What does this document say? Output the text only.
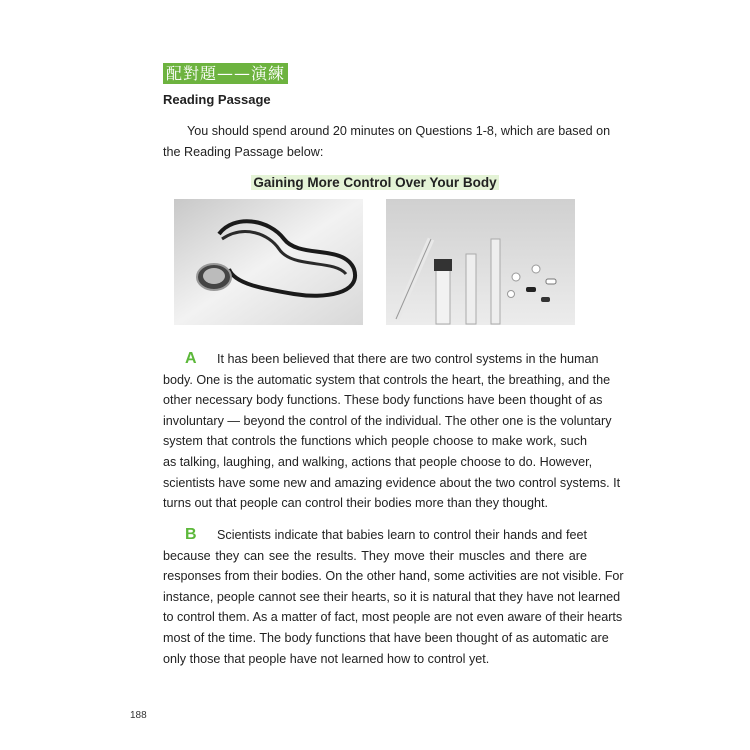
配對題——演練
Reading Passage
You should spend around 20 minutes on Questions 1-8, which are based on
the Reading Passage below:
Gaining More Control Over Your Body
A It has been believed that there are two control systems in the human
body. One is the automatic system that controls the heart, the breathing, and the
other necessary body functions. These body functions have been thought of as
involuntary — beyond the control of the individual. The other one is the voluntary
system that controls the functions which people choose to make work, such
as talking, laughing, and walking, actions that people choose to do. However,
scientists have some new and amazing evidence about the two control systems. It
turns out that people can control their bodies more than they thought.
B Scientists indicate that babies learn to control their hands and feet
because they can see the results. They move their muscles and there are
responses from their bodies. On the other hand, some activities are not visible. For
instance, people cannot see their hearts, so it is natural that they have not learned
to control them. As a matter of fact, most people are not even aware of their hearts
most of the time. The body functions that have been thought of as automatic are
only those that people have not learned how to control yet.
188
